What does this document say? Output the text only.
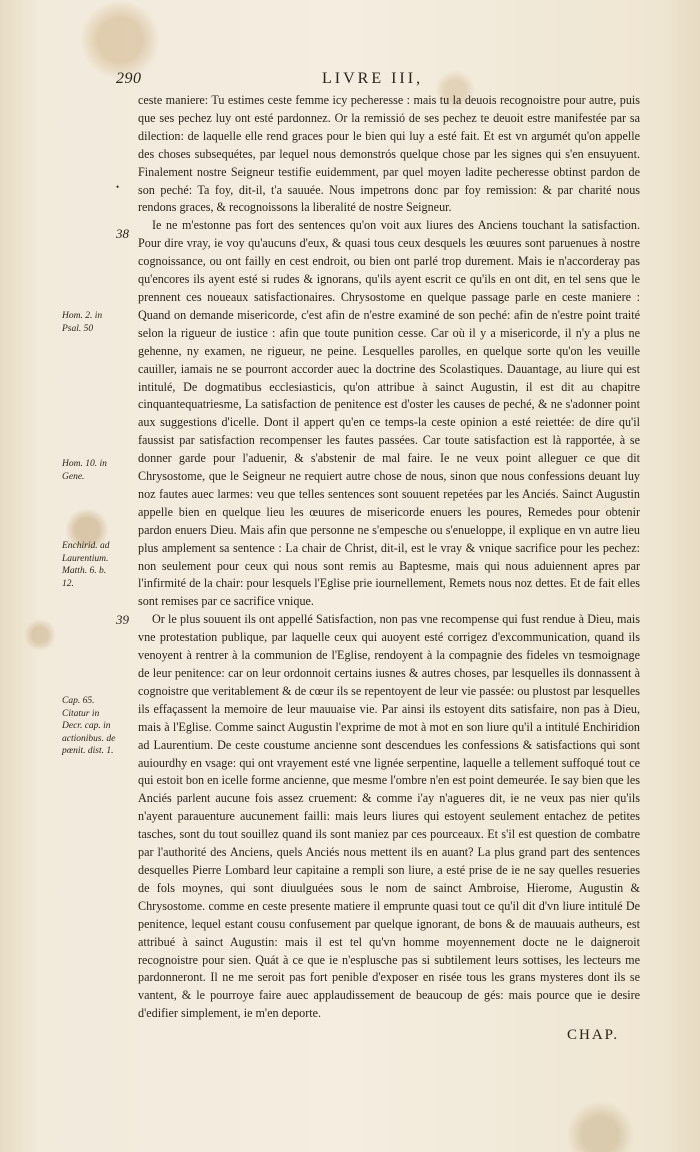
290	LIVRE III,
•
38
39
Hom. 2. in Psal. 50
Hom. 10. in Gene.
Enchirid. ad Laurentium. Matth. 6. b. 12.
Cap. 65. Citatur in Decr. cap. in actionibus. de pœnit. dist. 1.

ceste maniere: Tu estimes ceste femme icy pecheresse : mais tu la deuois recognoistre pour autre, puis que ses pechez luy ont esté pardonnez. Or la remissió de ses pechez te deuoit estre manifestée par sa dilection: de laquelle elle rend graces pour le bien qui luy a esté fait. Et est vn argumét qu'on appelle des choses subsequétes, par lequel nous demonstrós quelque chose par les signes qui s'en ensuyuent. Finalement nostre Seigneur testifie euidemment, par quel moyen ladite pecheresse obtinst pardon de son peché: Ta foy, dit-il, t'a sauuée. Nous impetrons donc par foy remission: & par charité nous rendons graces, & recognoissons la liberalité de nostre Seigneur.

Ie ne m'estonne pas fort des sentences qu'on voit aux liures des Anciens touchant la satisfaction. Pour dire vray, ie voy qu'aucuns d'eux, & quasi tous ceux desquels les œuures sont paruenues à nostre cognoissance, ou ont failly en cest endroit, ou bien ont parlé trop durement. Mais ie n'accorderay pas qu'encores ils ayent esté si rudes & ignorans, qu'ils ayent escrit ce qu'ils en ont dit, en tel sens que le prennent ces noueaux satisfactionaires. Chrysostome en quelque passage parle en ceste maniere : Quand on demande misericorde, c'est afin de n'estre examiné de son peché: afin de n'estre point traité selon la rigueur de iustice : afin que toute punition cesse. Car où il y a misericorde, il n'y a plus ne gehenne, ny examen, ne rigueur, ne peine. Lesquelles parolles, en quelque sorte qu'on les veuille cauiller, iamais ne se pourront accorder auec la doctrine des Scolastiques. Dauantage, au liure qui est intitulé, De dogmatibus ecclesiasticis, qu'on attribue à sainct Augustin, il est dit au chapitre cinquantequatriesme, La satisfaction de penitence est d'oster les causes de peché, & ne s'adonner point aux suggestions d'icelle. Dont il appert qu'en ce temps-la ceste opinion a esté reiettée: de dire qu'il faussist par satisfaction recompenser les fautes passées. Car toute satisfaction est là rapportée, à se donner garde pour l'aduenir, & s'abstenir de mal faire. Ie ne veux point alleguer ce que dit Chrysostome, que le Seigneur ne requiert autre chose de nous, sinon que nous confessions deuant luy noz fautes auec larmes: veu que telles sentences sont souuent repetées par les Anciés. Sainct Augustin appelle bien en quelque lieu les œuures de misericorde enuers les poures, Remedes pour obtenir pardon enuers Dieu. Mais afin que personne ne s'empesche ou s'enueloppe, il explique en vn autre lieu plus amplement sa sentence : La chair de Christ, dit-il, est le vray & vnique sacrifice pour les pechez: non seulement pour ceux qui nous sont remis au Baptesme, mais qui nous aduiennent apres par l'infirmité de la chair: pour lesquels l'Eglise prie iournellement, Remets nous noz dettes. Et de fait elles sont remises par ce sacrifice vnique.

Or le plus souuent ils ont appellé Satisfaction, non pas vne recompense qui fust rendue à Dieu, mais vne protestation publique, par laquelle ceux qui auoyent esté corrigez d'excommunication, quand ils venoyent à rentrer à la communion de l'Eglise, rendoyent à la compagnie des fideles vn tesmoignage de leur penitence: car on leur ordonnoit certains iusnes & autres choses, par lesquelles ils donnassent à cognoistre que veritablement & de cœur ils se repentoyent de leur vie passée: ou plustost par lesquelles ils effaçassent la memoire de leur mauuaise vie. Par ainsi ils estoyent dits satisfaire, non pas à Dieu, mais à l'Eglise. Comme sainct Augustin l'exprime de mot à mot en son liure qu'il a intitulé Enchiridion ad Laurentium. De ceste coustume ancienne sont descendues les confessions & satisfactions qui sont auiourdhy en vsage: qui ont vrayement esté vne lignée serpentine, laquelle a tellement suffoqué tout ce qui estoit bon en icelle forme ancienne, que mesme l'ombre n'en est point demeurée. Ie say bien que les Anciés parlent aucune fois assez cruement: & comme i'ay n'agueres dit, ie ne veux pas nier qu'ils n'ayent parauenture aucunement failli: mais leurs liures qui estoyent seulement entachez de petites tasches, sont du tout souillez quand ils sont maniez par ces pourceaux. Et s'il est question de combatre par l'authorité des Anciens, quels Anciés nous mettent ils en auant? La plus grand part des sentences desquelles Pierre Lombard leur capitaine a rempli son liure, a esté prise de ie ne say quelles resueries de fols moynes, qui sont diuulguées sous le nom de sainct Ambroise, Hierome, Augustin & Chrysostome. comme en ceste presente matiere il emprunte quasi tout ce qu'il dit d'vn liure intitulé De penitence, lequel estant cousu confusement par quelque ignorant, de bons & de mauuais autheurs, est attribué à sainct Augustin: mais il est tel qu'vn homme moyennement docte ne le daigneroit recognoistre pour sien. Quát à ce que ie n'esplusche pas si subtilement leurs sottises, les lecteurs me pardonneront. Il ne me seroit pas fort penible d'exposer en risée tous les grans mysteres dont ils se vantent, & le pourroye faire auec applaudissement de beaucoup de gés: mais pource que ie desire d'edifier simplement, ie m'en deporte.

CHAP.
